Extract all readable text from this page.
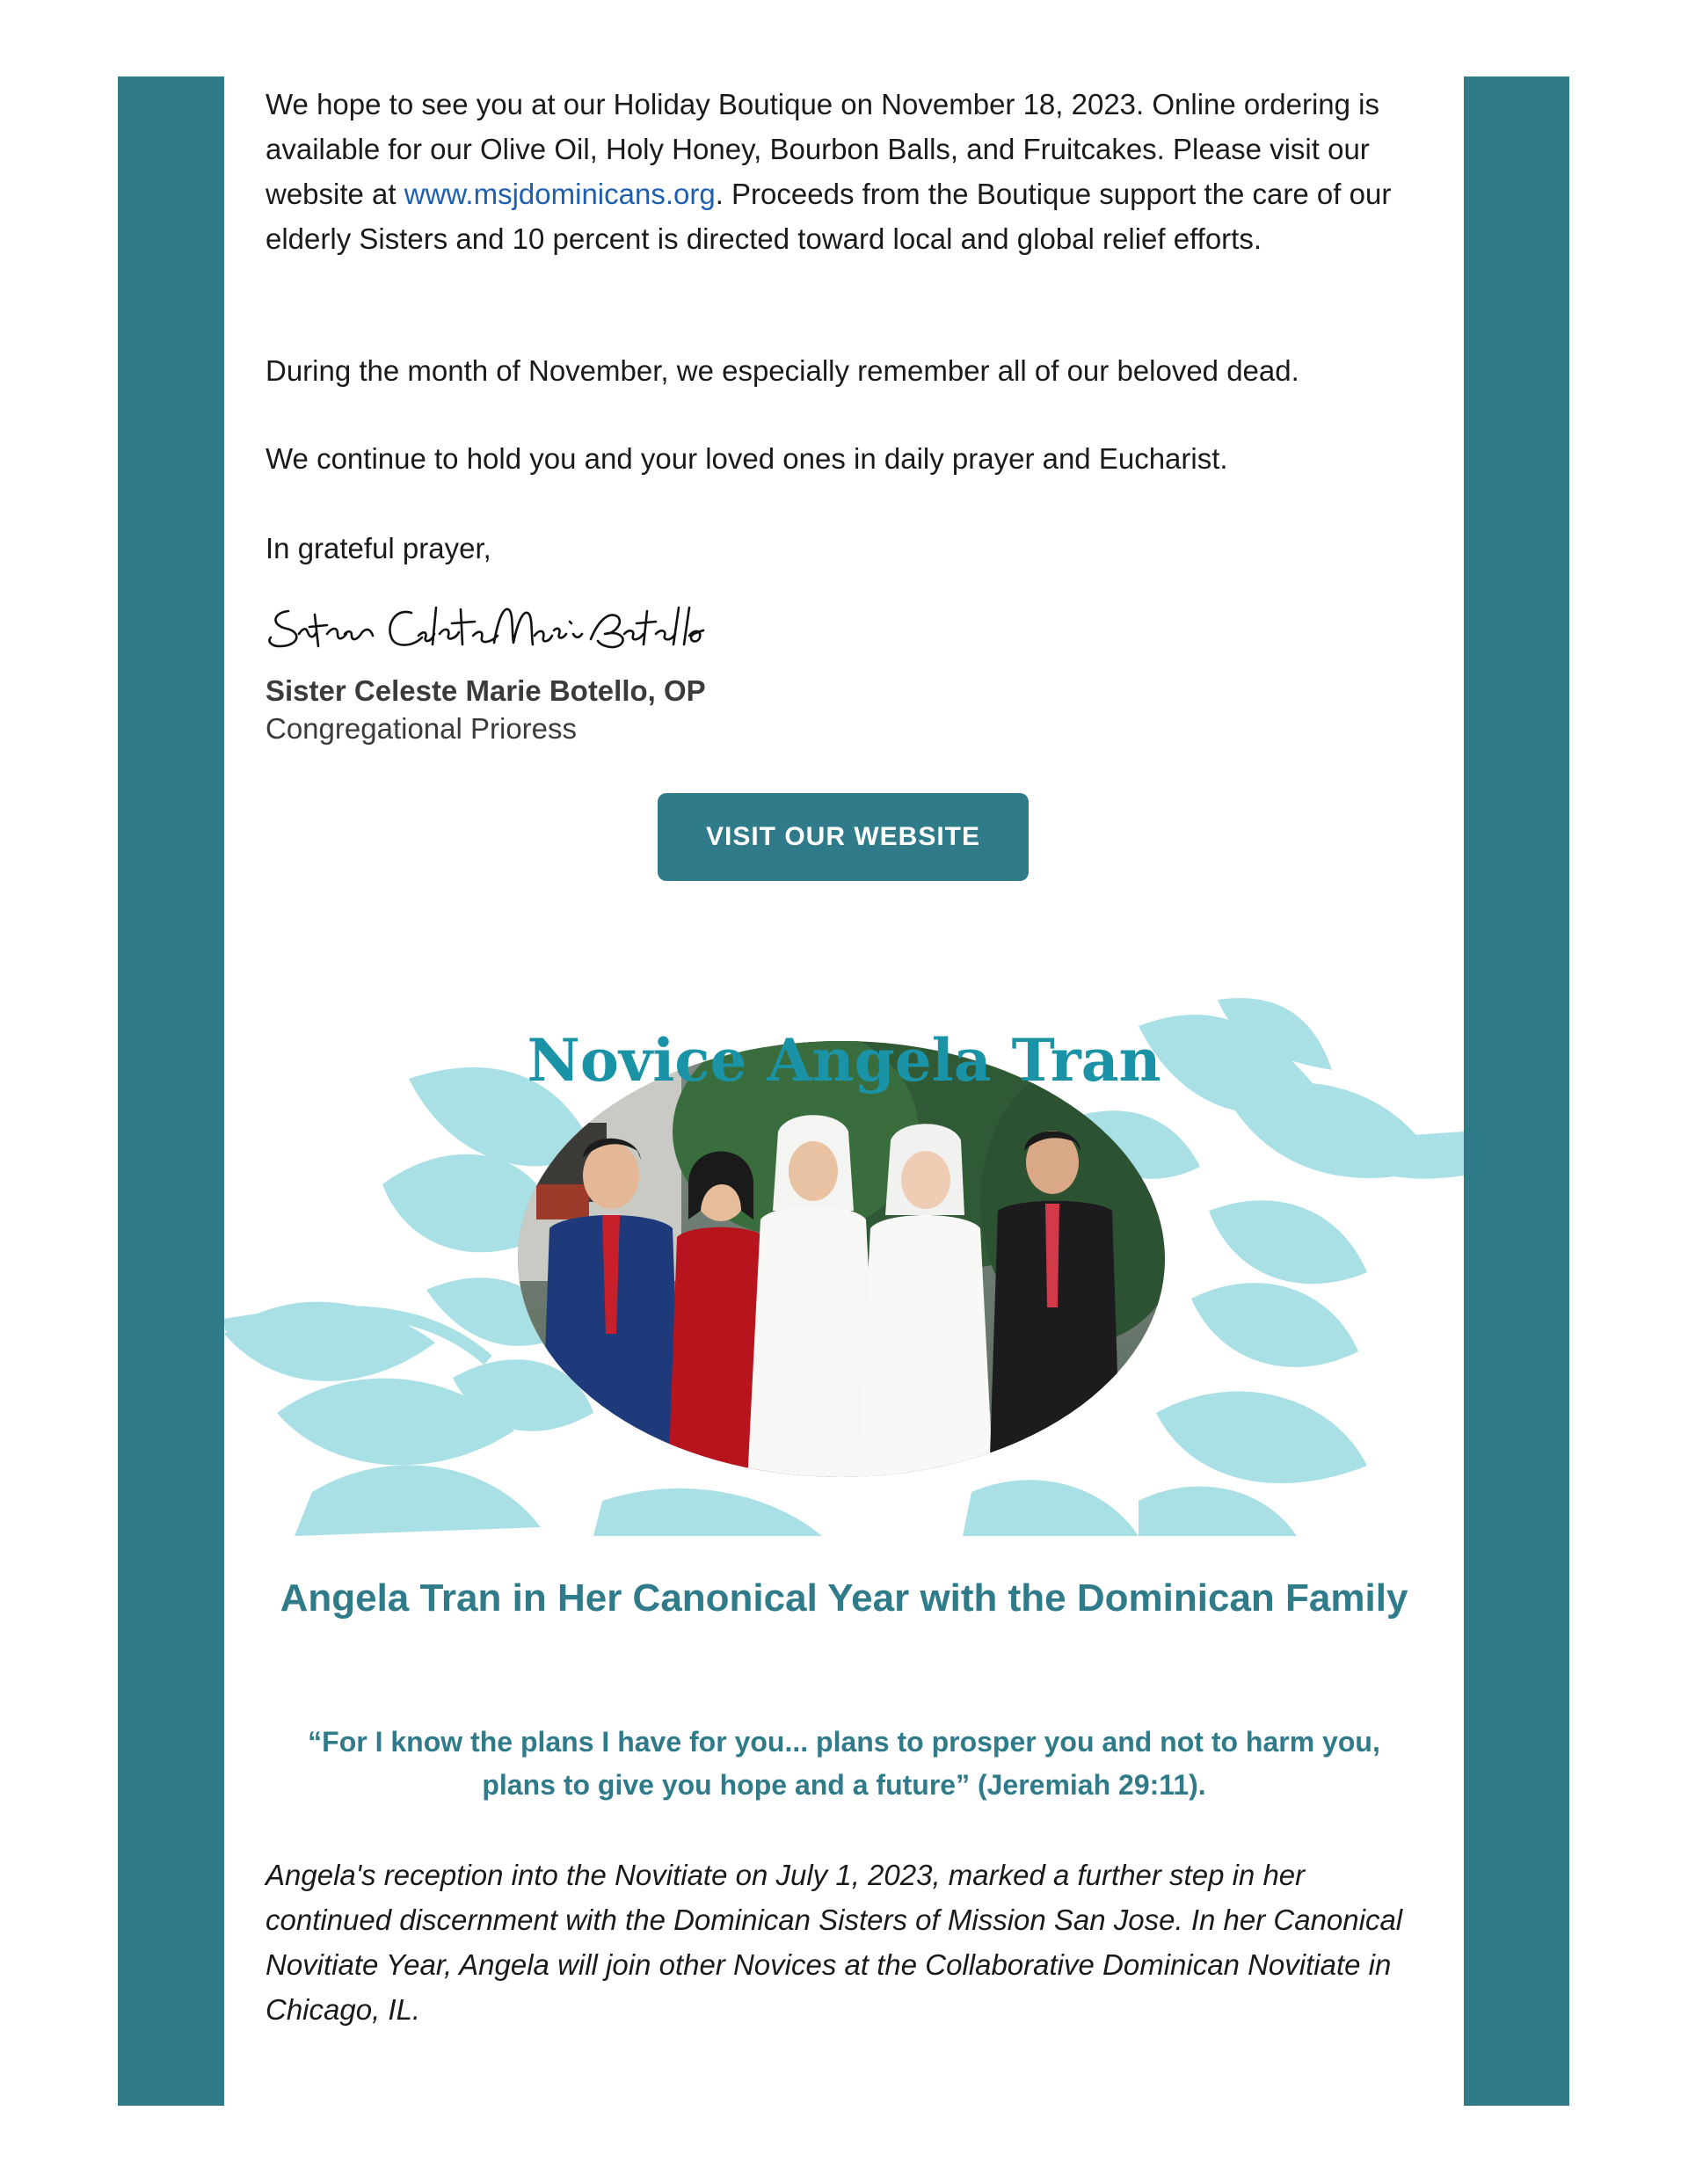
We hope to see you at our Holiday Boutique on November 18, 2023. Online ordering is available for our Olive Oil, Holy Honey, Bourbon Balls, and Fruitcakes. Please visit our website at www.msjdominicans.org. Proceeds from the Boutique support the care of our elderly Sisters and 10 percent is directed toward local and global relief efforts.

During the month of November, we especially remember all of our beloved dead.
We continue to hold you and your loved ones in daily prayer and Eucharist.
In grateful prayer,
Sister Celeste Marie Botello, OP
Congregational Prioress
VISIT OUR WEBSITE
Novice Angela Tran
Angela Tran in Her Canonical Year with the Dominican Family

“For I know the plans I have for you... plans to prosper you and not to harm you, plans to give you hope and a future” (Jeremiah 29:11).

Angela's reception into the Novitiate on July 1, 2023, marked a further step in her continued discernment with the Dominican Sisters of Mission San Jose. In her Canonical Novitiate Year, Angela will join other Novices at the Collaborative Dominican Novitiate in Chicago, IL.
